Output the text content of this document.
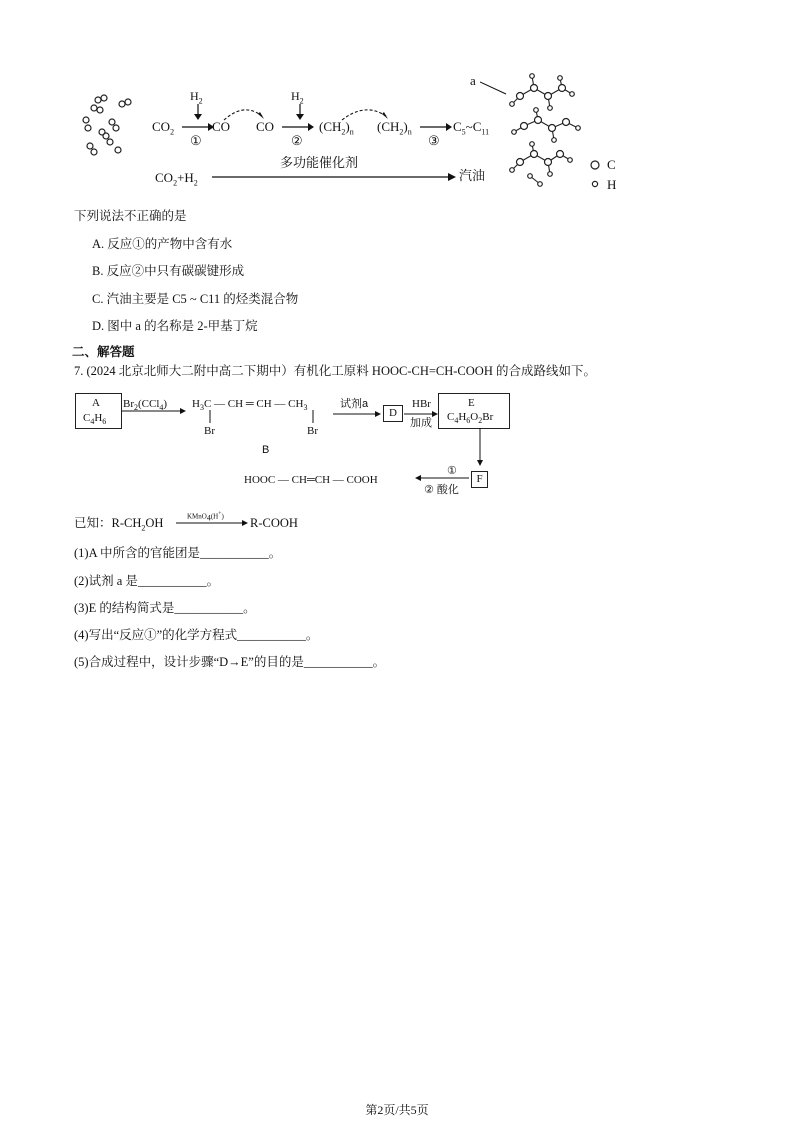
$CO_2$
$H_2$
①
CO CO
$H_2$
②
$(CH_2)_n$ $(CH_2)_n$
③
$C_5\sim C_{11}$
$CO_2+H_2$
多功能催化剂
汽油
a
C
H
下列说法不正确的是
A. 反应①的产物中含有水
B. 反应②中只有碳碳键形成
C. 汽油主要是 C5 ~ C11 的烃类混合物
D. 图中 a 的名称是 2-甲基丁烷
二、解答题
7. (2024 北京北师大二附中高二下期中）有机化工原料 HOOC-CH=CH-COOH 的合成路线如下。
A
$C_4H_6$
$Br_2(CCl_4)$ $H_3C$ — CH ═ CH — $CH_3$
Br	Br
B
试剂a
D
HBr
加成
E
$C_4H_6O_2Br$
F
①
② 酸化
HOOC — CH═CH — COOH
已知：$R-CH_2OH$	KMnO$_4$(H+) R-COOH
(1)A 中所含的官能团是___________。
(2)试剂 a 是___________。
(3)E 的结构简式是___________。
(4)写出“反应①”的化学方程式___________。
(5)合成过程中，设计步骤“D→E”的目的是___________。
第2页/共5页
